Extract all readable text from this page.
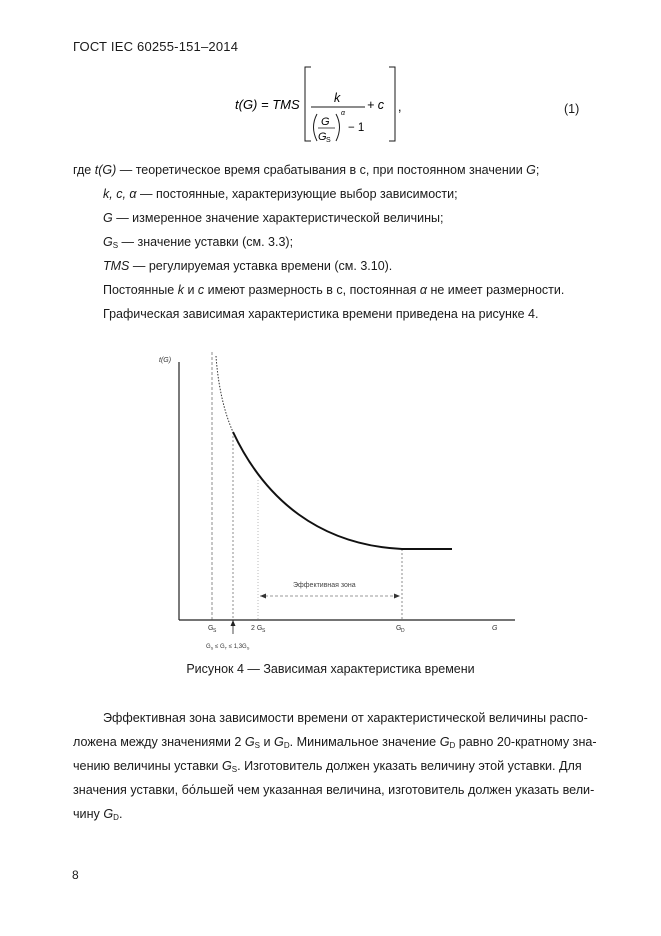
ГОСТ IEC 60255-151–2014
t(G) = TMS	k
G
G S
α
− 1
+ c ,	(1)
где t(G) — теоретическое время срабатывания в с, при постоянном значении G;
k, c, α — постоянные, характеризующие выбор зависимости;
G — измеренное значение характеристической величины;
$G_S$ — значение уставки (см. 3.3);
TMS — регулируемая уставка времени (см. 3.10).
Постоянные k и c имеют размерность в с, постоянная α не имеет размерности.
Графическая зависимая характеристика времени приведена на рисунке 4.
t(G)
Эффективная зона
G S	2 G S	G D	G
$G_S \le G_T \le 1,3G_S$
Рисунок 4 — Зависимая характеристика времени
Эффективная зона зависимости времени от характеристической величины распо-
ложена между значениями 2 $G_S$ и $G_D$. Минимальное значение $G_D$ равно 20-кратному зна-
чению величины уставки $G_S$. Изготовитель должен указать величину этой уставки. Для
значения уставки, бо́льшей чем указанная величина, изготовитель должен указать вели-
чину $G_D$.
8
